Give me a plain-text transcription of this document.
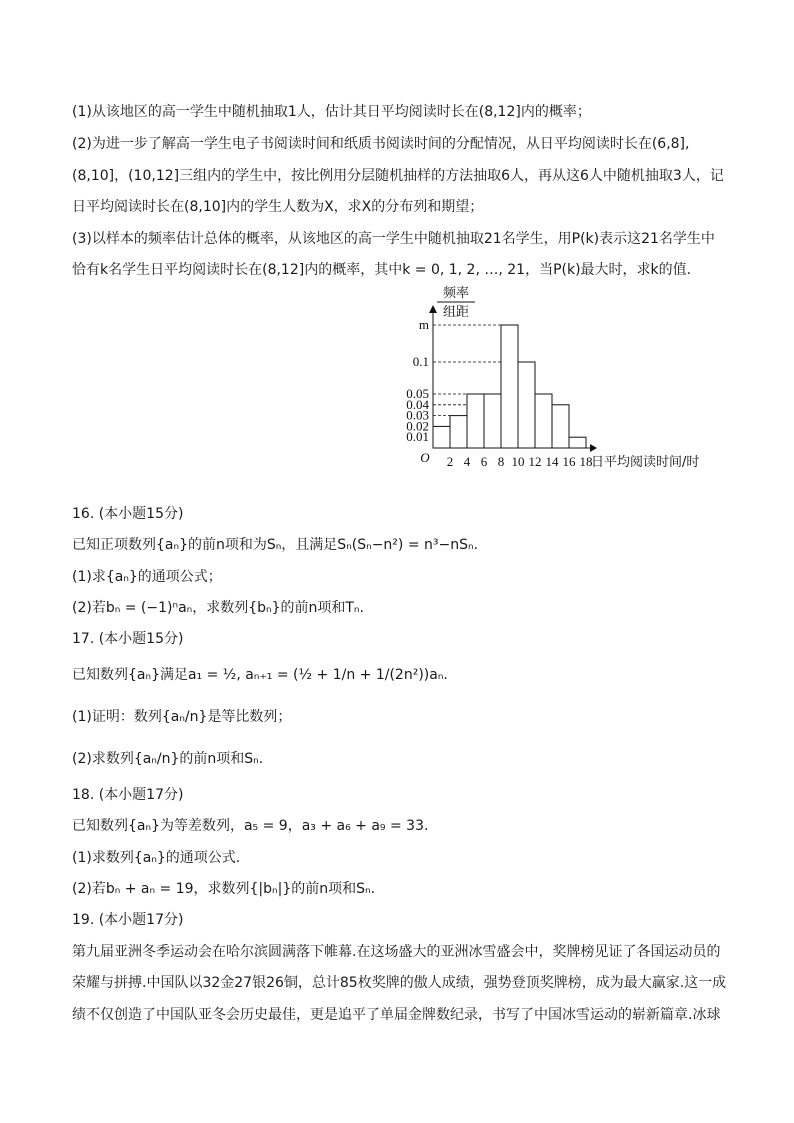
(1)从该地区的高一学生中随机抽取1人，估计其日平均阅读时长在(8,12]内的概率；
(2)为进一步了解高一学生电子书阅读时间和纸质书阅读时间的分配情况，从日平均阅读时长在(6,8],
(8,10]，(10,12]三组内的学生中，按比例用分层随机抽样的方法抽取6人，再从这6人中随机抽取3人，记
日平均阅读时长在(8,10]内的学生人数为X，求X的分布列和期望；
(3)以样本的频率估计总体的概率，从该地区的高一学生中随机抽取21名学生，用P(k)表示这21名学生中
恰有k名学生日平均阅读时长在(8,12]内的概率，其中k = 0, 1, 2, …, 21，当P(k)最大时，求k的值.
频率
组距
0.01
0.02
0.03
0.04
0.05
0.1
m
2 4 6 8 10 12 14 16 18
O	日平均阅读时间/时
16. (本小题15分)
已知正项数列{aₙ}的前n项和为Sₙ，且满足Sₙ(Sₙ−n²) = n³−nSₙ.
(1)求{aₙ}的通项公式；
(2)若bₙ = (−1)ⁿaₙ，求数列{bₙ}的前n项和Tₙ.
17. (本小题15分)
已知数列{aₙ}满足a₁ = ½, aₙ₊₁ = (½ + 1/n + 1/(2n²))aₙ.
(1)证明：数列{aₙ/n}是等比数列；
(2)求数列{aₙ/n}的前n项和Sₙ.
18. (本小题17分)
已知数列{aₙ}为等差数列，a₅ = 9，a₃ + a₆ + a₉ = 33.
(1)求数列{aₙ}的通项公式.
(2)若bₙ + aₙ = 19，求数列{|bₙ|}的前n项和Sₙ.
19. (本小题17分)
第九届亚洲冬季运动会在哈尔滨圆满落下帷幕.在这场盛大的亚洲冰雪盛会中，奖牌榜见证了各国运动员的
荣耀与拼搏.中国队以32金27银26铜，总计85枚奖牌的傲人成绩，强势登顶奖牌榜，成为最大赢家.这一成
绩不仅创造了中国队亚冬会历史最佳，更是追平了单届金牌数纪录，书写了中国冰雪运动的崭新篇章.冰球
